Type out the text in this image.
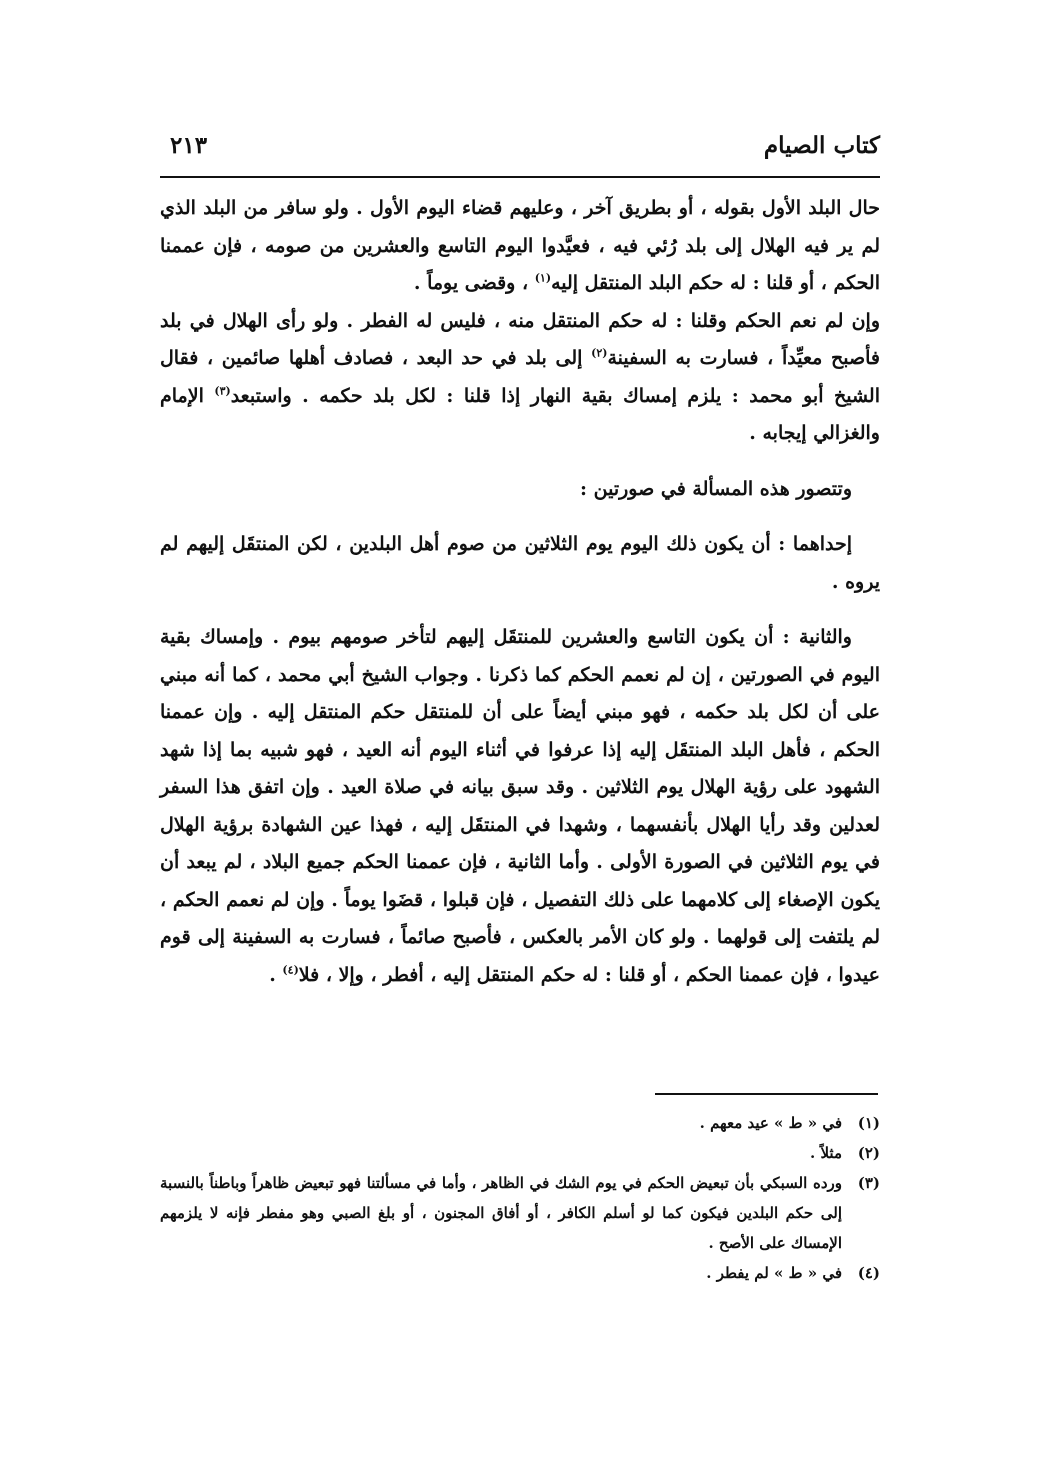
كتاب الصيام
٢١٣

حال البلد الأول بقوله ، أو بطريق آخر ، وعليهم قضاء اليوم الأول . ولو سافر من البلد الذي لم ير فيه الهلال إلى بلد رُئي فيه ، فعيَّدوا اليوم التاسع والعشرين من صومه ، فإن عممنا الحكم ، أو قلنا : له حكم البلد المنتقل إليه$^{(١)}$ ، وقضى يوماً .

وإن لم نعم الحكم وقلنا : له حكم المنتقل منه ، فليس له الفطر . ولو رأى الهلال في بلد فأصبح معيِّداً ، فسارت به السفينة$^{(٢)}$ إلى بلد في حد البعد ، فصادف أهلها صائمين ، فقال الشيخ أبو محمد : يلزم إمساك بقية النهار إذا قلنا : لكل بلد حكمه . واستبعد$^{(٣)}$ الإمام والغزالي إيجابه .

وتتصور هذه المسألة في صورتين :

إحداهما : أن يكون ذلك اليوم يوم الثلاثين من صوم أهل البلدين ، لكن المنتقَل إليهم لم يروه .

والثانية : أن يكون التاسع والعشرين للمنتقَل إليهم لتأخر صومهم بيوم . وإمساك بقية اليوم في الصورتين ، إن لم نعمم الحكم كما ذكرنا . وجواب الشيخ أبي محمد ، كما أنه مبني على أن لكل بلد حكمه ، فهو مبني أيضاً على أن للمنتقل حكم المنتقل إليه . وإن عممنا الحكم ، فأهل البلد المنتقَل إليه إذا عرفوا في أثناء اليوم أنه العيد ، فهو شبيه بما إذا شهد الشهود على رؤية الهلال يوم الثلاثين . وقد سبق بيانه في صلاة العيد . وإن اتفق هذا السفر لعدلين وقد رأيا الهلال بأنفسهما ، وشهدا في المنتقَل إليه ، فهذا عين الشهادة برؤية الهلال في يوم الثلاثين في الصورة الأولى . وأما الثانية ، فإن عممنا الحكم جميع البلاد ، لم يبعد أن يكون الإصغاء إلى كلامهما على ذلك التفصيل ، فإن قبلوا ، قضَوا يوماً . وإن لم نعمم الحكم ، لم يلتفت إلى قولهما . ولو كان الأمر بالعكس ، فأصبح صائماً ، فسارت به السفينة إلى قوم عيدوا ، فإن عممنا الحكم ، أو قلنا : له حكم المنتقل إليه ، أفطر ، وإلا ، فلا$^{(٤)}$ .

(١)
في « ط » عيد معهم .
(٢)
مثلاً .
(٣)
ورده السبكي بأن تبعيض الحكم في يوم الشك في الظاهر ، وأما في مسألتنا فهو تبعيض ظاهراً وباطناً بالنسبة إلى حكم البلدين فيكون كما لو أسلم الكافر ، أو أفاق المجنون ، أو بلغ الصبي وهو مفطر فإنه لا يلزمهم الإمساك على الأصح .
(٤)
في « ط » لم يفطر .
